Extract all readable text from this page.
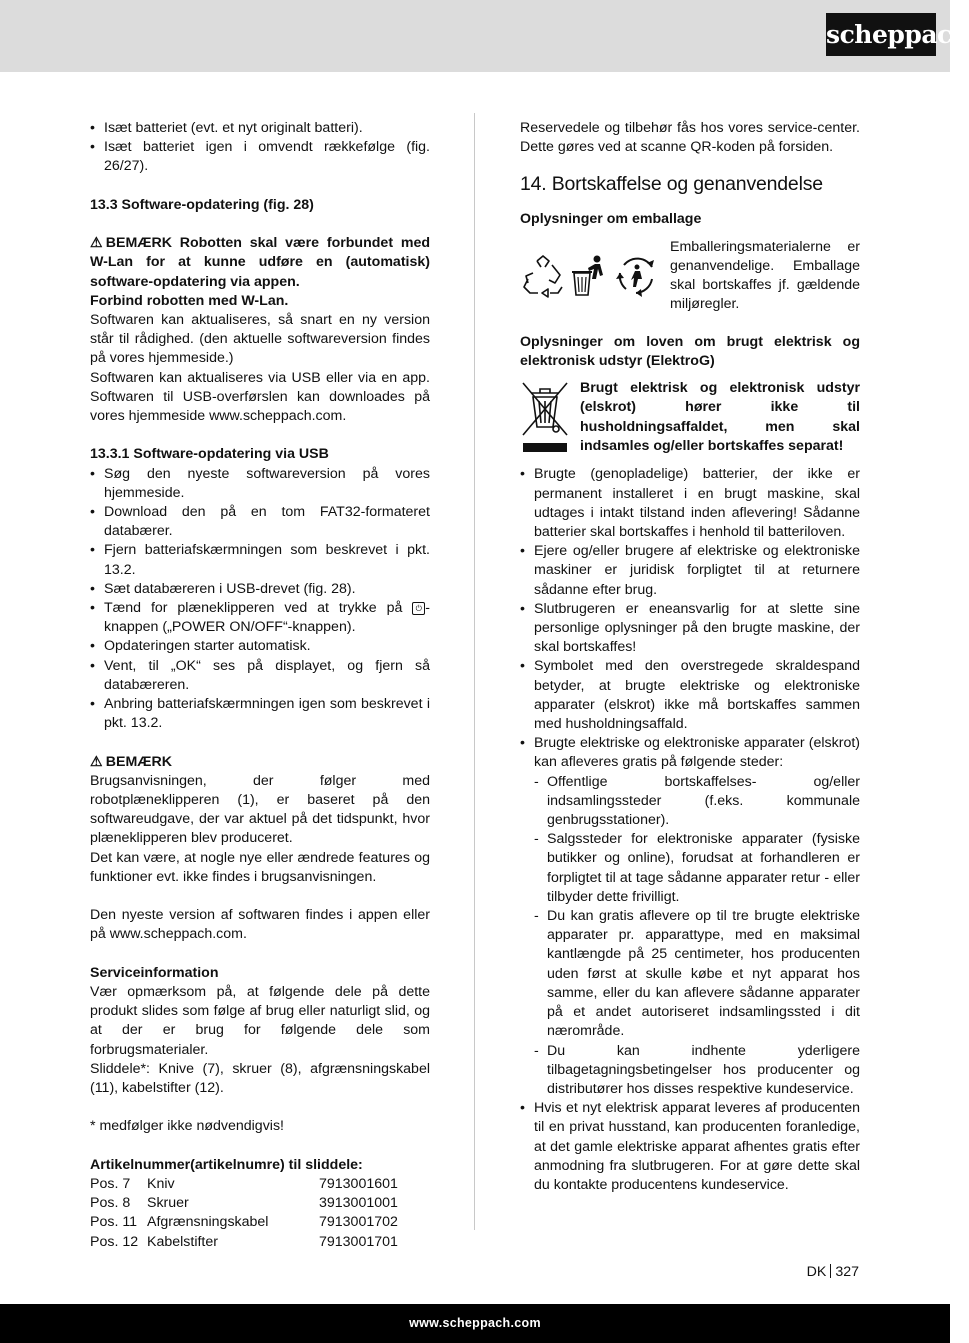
scheppach
• Isæt batteriet (evt. et nyt originalt batteri).
• Isæt batteriet igen i omvendt rækkefølge (fig. 26/27).

13.3 Software-opdatering (fig. 28)

⚠ BEMÆRK Robotten skal være forbundet med W-Lan for at kunne udføre en (automatisk) software-opdatering via appen.

Forbind robotten med W-Lan.

Softwaren kan aktualiseres, så snart en ny version står til rådighed. (den aktuelle softwareversion findes på vores hjemmeside.)

Softwaren kan aktualiseres via USB eller via en app. Softwaren til USB-overførslen kan downloades på vores hjemmeside www.scheppach.com.

13.3.1 Software-opdatering via USB

• Søg den nyeste softwareversion på vores hjemmeside.
• Download den på en tom FAT32-formateret databærer.
• Fjern batteriafskærmningen som beskrevet i pkt. 13.2.
• Sæt databæreren i USB-drevet (fig. 28).
• Tænd for plæneklipperen ved at trykke på ⏻ -knappen („POWER ON/OFF“-knappen).
• Opdateringen starter automatisk.
• Vent, til „OK“ ses på displayet, og fjern så databæreren.
• Anbring batteriafskærmningen igen som beskrevet i pkt. 13.2.

⚠ BEMÆRK

Brugsanvisningen, der følger med robotplæneklipperen (1), er baseret på den softwareudgave, der var aktuel på det tidspunkt, hvor plæneklipperen blev produceret.

Det kan være, at nogle nye eller ændrede features og funktioner evt. ikke findes i brugsanvisningen.

Den nyeste version af softwaren findes i appen eller på www.scheppach.com.

Serviceinformation

Vær opmærksom på, at følgende dele på dette produkt slides som følge af brug eller naturligt slid, og at der er brug for følgende dele som forbrugsmaterialer.

Sliddele*: Knive (7), skruer (8), afgrænsningskabel (11), kabelstifter (12).

* medfølger ikke nødvendigvis!

Artikelnummer(artikelnumre) til sliddele:

Pos. 7	Kniv	7913001601
Pos. 8	Skruer	3913001001
Pos. 11	Afgrænsningskabel	7913001702
Pos. 12	Kabelstifter	7913001701

Reservedele og tilbehør fås hos vores service-center. Dette gøres ved at scanne QR-koden på forsiden.

14. Bortskaffelse og genanvendelse

Oplysninger om emballage

Emballeringsmaterialerne er genanvendelige. Emballage skal bortskaffes jf. gældende miljøregler.

Oplysninger om loven om brugt elektrisk og elektronisk udstyr (ElektroG)

Brugt elektrisk og elektronisk udstyr (elskrot) hører ikke til husholdningsaffaldet, men skal indsamles og/eller bortskaffes separat!
• Brugte (genopladelige) batterier, der ikke er permanent installeret i en brugt maskine, skal udtages i intakt tilstand inden aflevering! Sådanne batterier skal bortskaffes i henhold til batteriloven.
• Ejere og/eller brugere af elektriske og elektroniske maskiner er juridisk forpligtet til at returnere sådanne efter brug.
• Slutbrugeren er eneansvarlig for at slette sine personlige oplysninger på den brugte maskine, der skal bortskaffes!
• Symbolet med den overstregede skraldespand betyder, at brugte elektriske og elektroniske apparater (elskrot) ikke må bortskaffes sammen med husholdningsaffald.
• Brugte elektriske og elektroniske apparater (elskrot) kan afleveres gratis på følgende steder:
- Offentlige bortskaffelses- og/eller indsamlingssteder (f.eks. kommunale genbrugsstationer).
- Salgssteder for elektroniske apparater (fysiske butikker og online), forudsat at forhandleren er forpligtet til at tage sådanne apparater retur - eller tilbyder dette frivilligt.
- Du kan gratis aflevere op til tre brugte elektriske apparater pr. apparattype, med en maksimal kantlængde på 25 centimeter, hos producenten uden først at skulle købe et nyt apparat hos samme, eller du kan aflevere sådanne apparater på et andet autoriseret indsamlingssted i dit nærområde.
- Du kan indhente yderligere tilbagetagningsbetingelser hos producenter og distributører hos disses respektive kundeservice.
• Hvis et nyt elektrisk apparat leveres af producenten til en privat husstand, kan producenten foranledige, at det gamle elektriske apparat afhentes gratis efter anmodning fra slutbrugeren. For at gøre dette skal du kontakte producentens kundeservice.
DK 327
www.scheppach.com
